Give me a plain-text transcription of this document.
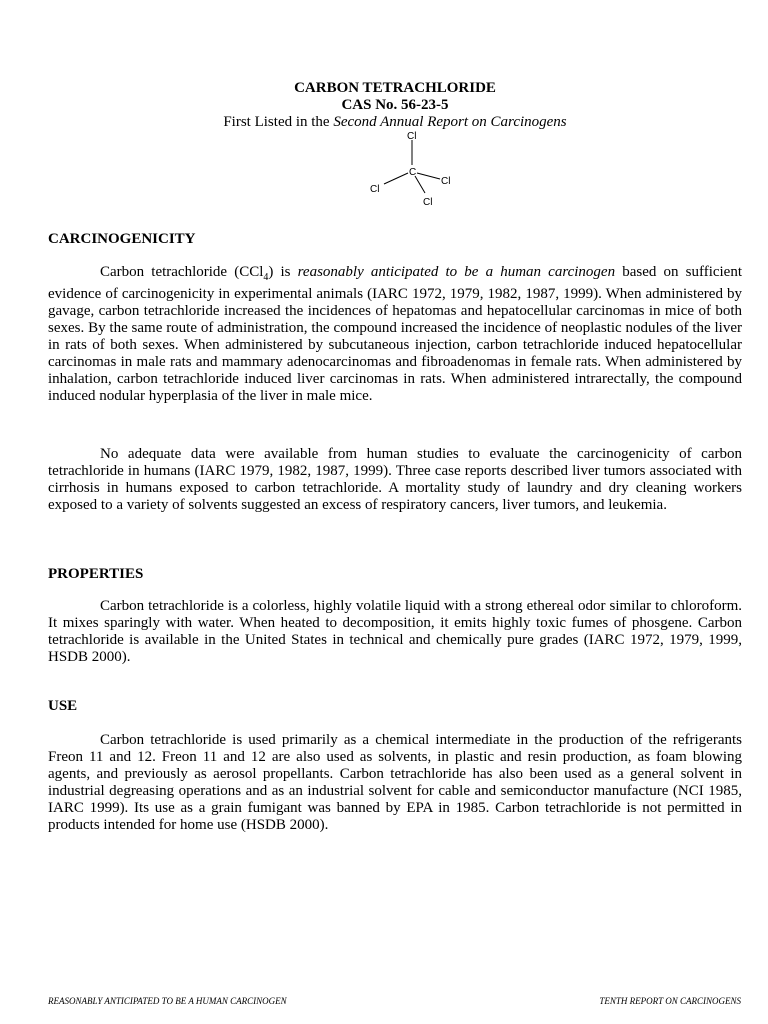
CARBON TETRACHLORIDE
CAS No. 56-23-5
First Listed in the Second Annual Report on Carcinogens
Cl
C
Cl
Cl
Cl
CARCINOGENICITY

Carbon tetrachloride (CCl$_4$) is reasonably anticipated to be a human carcinogen based on sufficient evidence of carcinogenicity in experimental animals (IARC 1972, 1979, 1982, 1987, 1999). When administered by gavage, carbon tetrachloride increased the incidences of hepatomas and hepatocellular carcinomas in mice of both sexes. By the same route of administration, the compound increased the incidence of neoplastic nodules of the liver in rats of both sexes. When administered by subcutaneous injection, carbon tetrachloride induced hepatocellular carcinomas in male rats and mammary adenocarcinomas and fibroadenomas in female rats. When administered by inhalation, carbon tetrachloride induced liver carcinomas in rats. When administered intrarectally, the compound induced nodular hyperplasia of the liver in male mice.

No adequate data were available from human studies to evaluate the carcinogenicity of carbon tetrachloride in humans (IARC 1979, 1982, 1987, 1999). Three case reports described liver tumors associated with cirrhosis in humans exposed to carbon tetrachloride. A mortality study of laundry and dry cleaning workers exposed to a variety of solvents suggested an excess of respiratory cancers, liver tumors, and leukemia.

PROPERTIES

Carbon tetrachloride is a colorless, highly volatile liquid with a strong ethereal odor similar to chloroform. It mixes sparingly with water. When heated to decomposition, it emits highly toxic fumes of phosgene. Carbon tetrachloride is available in the United States in technical and chemically pure grades (IARC 1972, 1979, 1999, HSDB 2000).

USE

Carbon tetrachloride is used primarily as a chemical intermediate in the production of the refrigerants Freon 11 and 12. Freon 11 and 12 are also used as solvents, in plastic and resin production, as foam blowing agents, and previously as aerosol propellants. Carbon tetrachloride has also been used as a general solvent in industrial degreasing operations and as an industrial solvent for cable and semiconductor manufacture (NCI 1985, IARC 1999). Its use as a grain fumigant was banned by EPA in 1985. Carbon tetrachloride is not permitted in products intended for home use (HSDB 2000).

REASONABLY ANTICIPATED TO BE A HUMAN CARCINOGEN	TENTH REPORT ON CARCINOGENS
